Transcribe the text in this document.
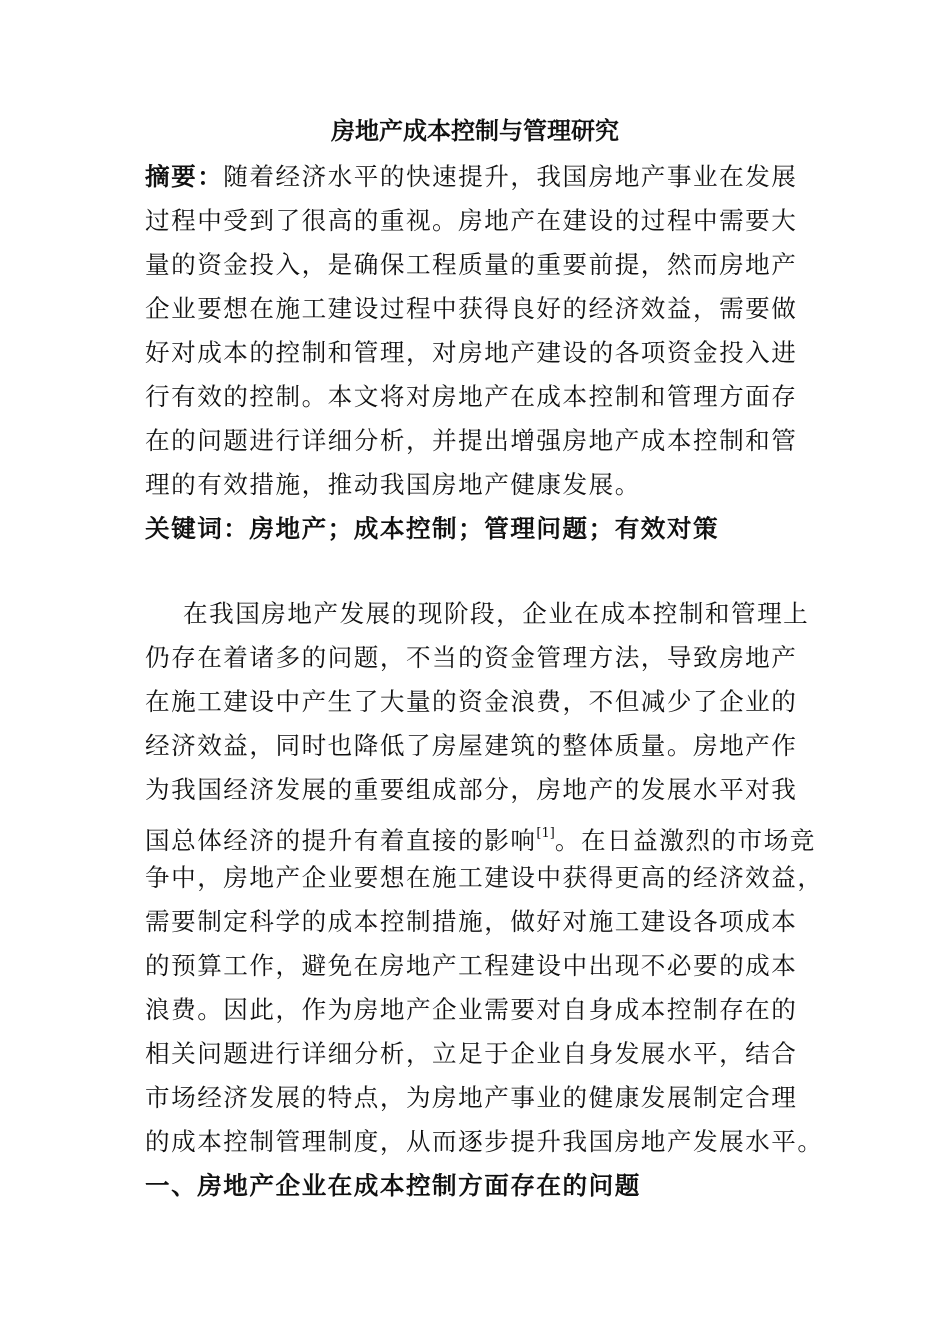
房地产成本控制与管理研究
摘要：随着经济水平的快速提升，我国房地产事业在发展
过程中受到了很高的重视。房地产在建设的过程中需要大
量的资金投入，是确保工程质量的重要前提，然而房地产
企业要想在施工建设过程中获得良好的经济效益，需要做
好对成本的控制和管理，对房地产建设的各项资金投入进
行有效的控制。本文将对房地产在成本控制和管理方面存
在的问题进行详细分析，并提出增强房地产成本控制和管
理的有效措施，推动我国房地产健康发展。
关键词：房地产；成本控制；管理问题；有效对策
在我国房地产发展的现阶段，企业在成本控制和管理上
仍存在着诸多的问题，不当的资金管理方法，导致房地产
在施工建设中产生了大量的资金浪费，不但减少了企业的
经济效益，同时也降低了房屋建筑的整体质量。房地产作
为我国经济发展的重要组成部分，房地产的发展水平对我
国总体经济的提升有着直接的影响[1]。在日益激烈的市场竞
争中，房地产企业要想在施工建设中获得更高的经济效益，
需要制定科学的成本控制措施，做好对施工建设各项成本
的预算工作，避免在房地产工程建设中出现不必要的成本
浪费。因此，作为房地产企业需要对自身成本控制存在的
相关问题进行详细分析，立足于企业自身发展水平，结合
市场经济发展的特点，为房地产事业的健康发展制定合理
的成本控制管理制度，从而逐步提升我国房地产发展水平。
一、房地产企业在成本控制方面存在的问题
